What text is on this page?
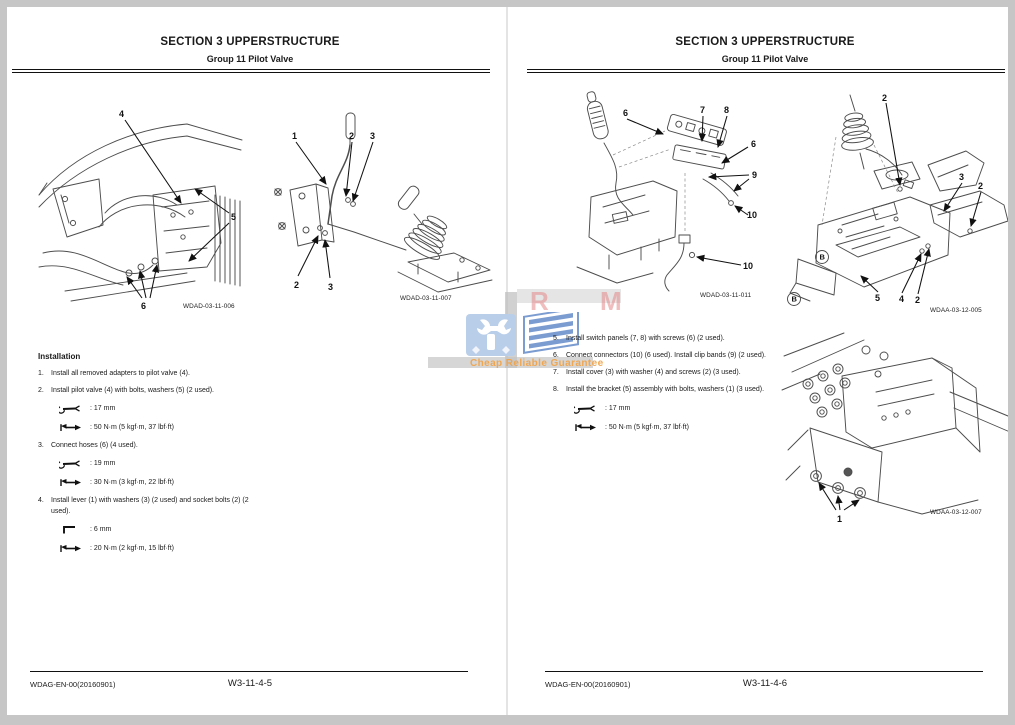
SECTION 3 UPPERSTRUCTURE
Group 11 Pilot Valve
4
5
6	WDAD-03-11-006
1	2 3
2	3
WDAD-03-11-007
Installation
1.	Install all removed adapters to pilot valve (4).
2.	Install pilot valve (4) with bolts, washers (5) (2 used).
: 17 mm
: 50 N·m (5 kgf·m, 37 lbf·ft)
3.	Connect hoses (6) (4 used).
: 19 mm
: 30 N·m (3 kgf·m, 22 lbf·ft)
4.	Install lever (1) with washers (3) (2 used) and socket bolts (2) (2 used).
: 6 mm
: 20 N·m (2 kgf·m, 15 lbf·ft)
WDAG-EN-00(20160901)	W3-11-4-5
SECTION 3 UPPERSTRUCTURE
Group 11 Pilot Valve
6	7 8
6
9
10
10
WDAD-03-11-011
2
3
2
5 4 2
B
B
WDAA-03-12-005
5.	Install switch panels (7, 8) with screws (6) (2 used).
6.	Connect connectors (10) (6 used). Install clip bands (9) (2 used).
7.	Install cover (3) with washer (4) and screws (2) (3 used).
8.	Install the bracket (5) assembly with bolts, washers (1) (3 used).
: 17 mm
: 50 N·m (5 kgf·m, 37 lbf·ft)
1
WDAA-03-12-007
WDAG-EN-00(20160901)	W3-11-4-6
R M
Cheap Reliable Guarantee
